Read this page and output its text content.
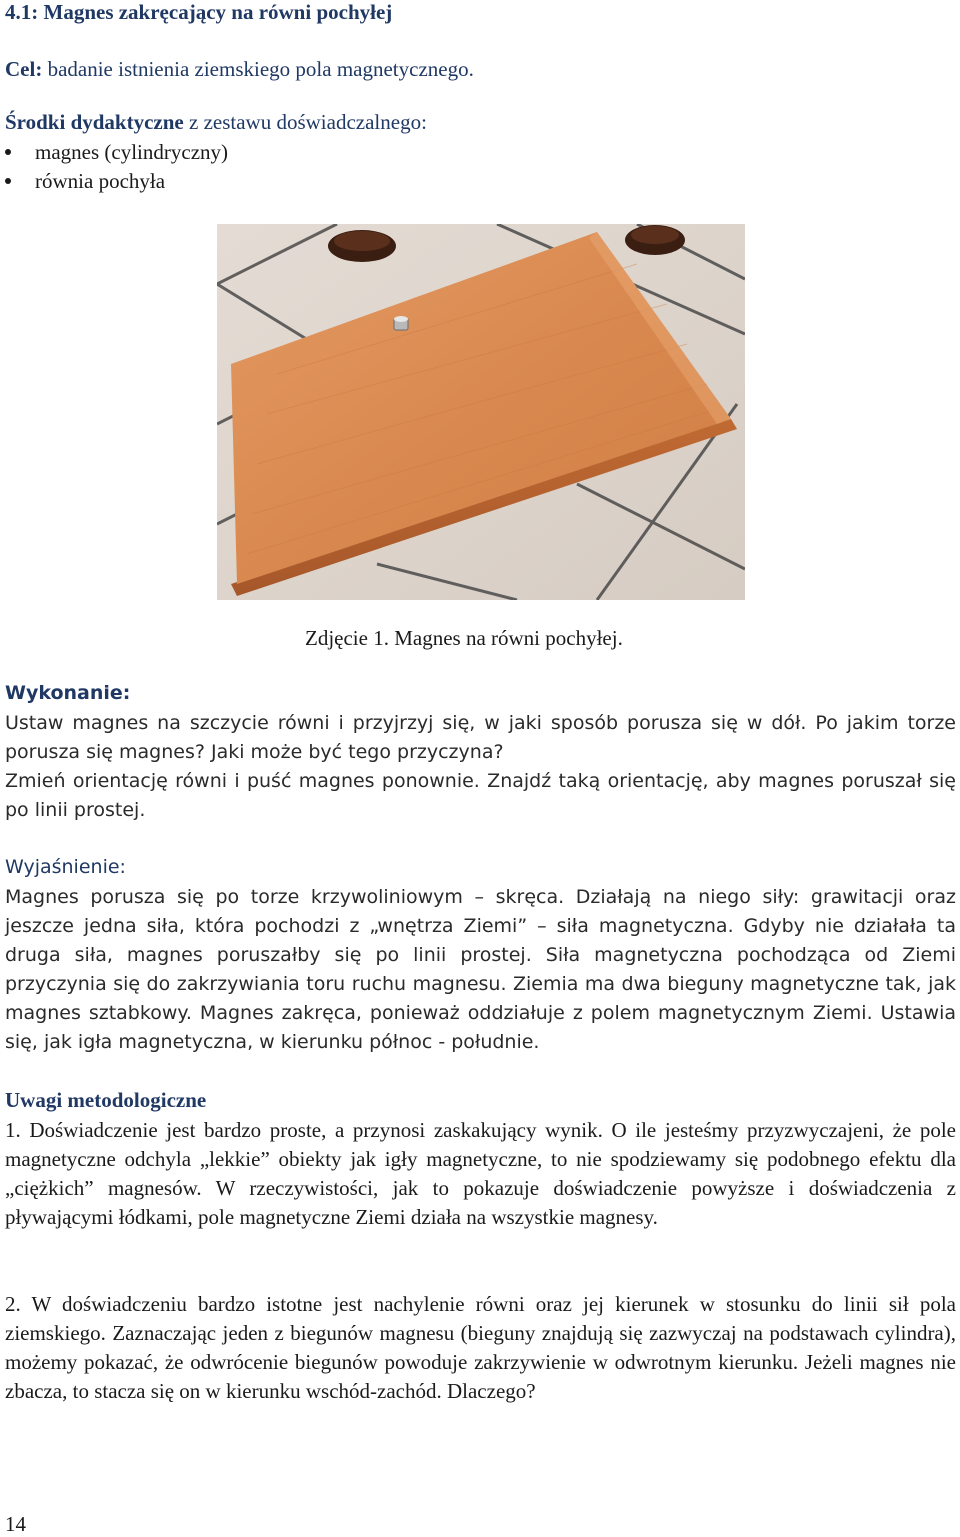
4.1: Magnes zakręcający na równi pochyłej
Cel: badanie istnienia ziemskiego pola magnetycznego.
Środki dydaktyczne z zestawu doświadczalnego:
magnes (cylindryczny)
równia pochyła
Zdjęcie 1. Magnes na równi pochyłej.
Wykonanie:
Ustaw magnes na szczycie równi i przyjrzyj się, w jaki sposób porusza się w dół. Po jakim torze porusza się magnes? Jaki może być tego przyczyna?
Zmień orientację równi i puść magnes ponownie. Znajdź taką orientację, aby magnes poruszał się po linii prostej.
Wyjaśnienie:
Magnes porusza się po torze krzywoliniowym – skręca. Działają na niego siły: grawitacji oraz jeszcze jedna siła, która pochodzi z „wnętrza Ziemi” – siła magnetyczna. Gdyby nie działała ta druga siła, magnes poruszałby się po linii prostej. Siła magnetyczna pochodząca od Ziemi przyczynia się do zakrzywiania toru ruchu magnesu. Ziemia ma dwa bieguny magnetyczne tak, jak magnes sztabkowy. Magnes zakręca, ponieważ oddziałuje z polem magnetycznym Ziemi. Ustawia się, jak igła magnetyczna, w kierunku północ - południe.
Uwagi metodologiczne
1. Doświadczenie jest bardzo proste, a przynosi zaskakujący wynik. O ile jesteśmy przyzwyczajeni, że pole magnetyczne odchyla „lekkie” obiekty jak igły magnetyczne, to nie spodziewamy się podobnego efektu dla „ciężkich” magnesów. W rzeczywistości, jak to pokazuje doświadczenie powyższe i doświadczenia z pływającymi łódkami, pole magnetyczne Ziemi działa na wszystkie magnesy.
2. W doświadczeniu bardzo istotne jest nachylenie równi oraz jej kierunek w stosunku do linii sił pola ziemskiego. Zaznaczając jeden z biegunów magnesu (bieguny znajdują się zazwyczaj na podstawach cylindra), możemy pokazać, że odwrócenie biegunów powoduje zakrzywienie w odwrotnym kierunku. Jeżeli magnes nie zbacza, to stacza się on w kierunku wschód-zachód. Dlaczego?
14
